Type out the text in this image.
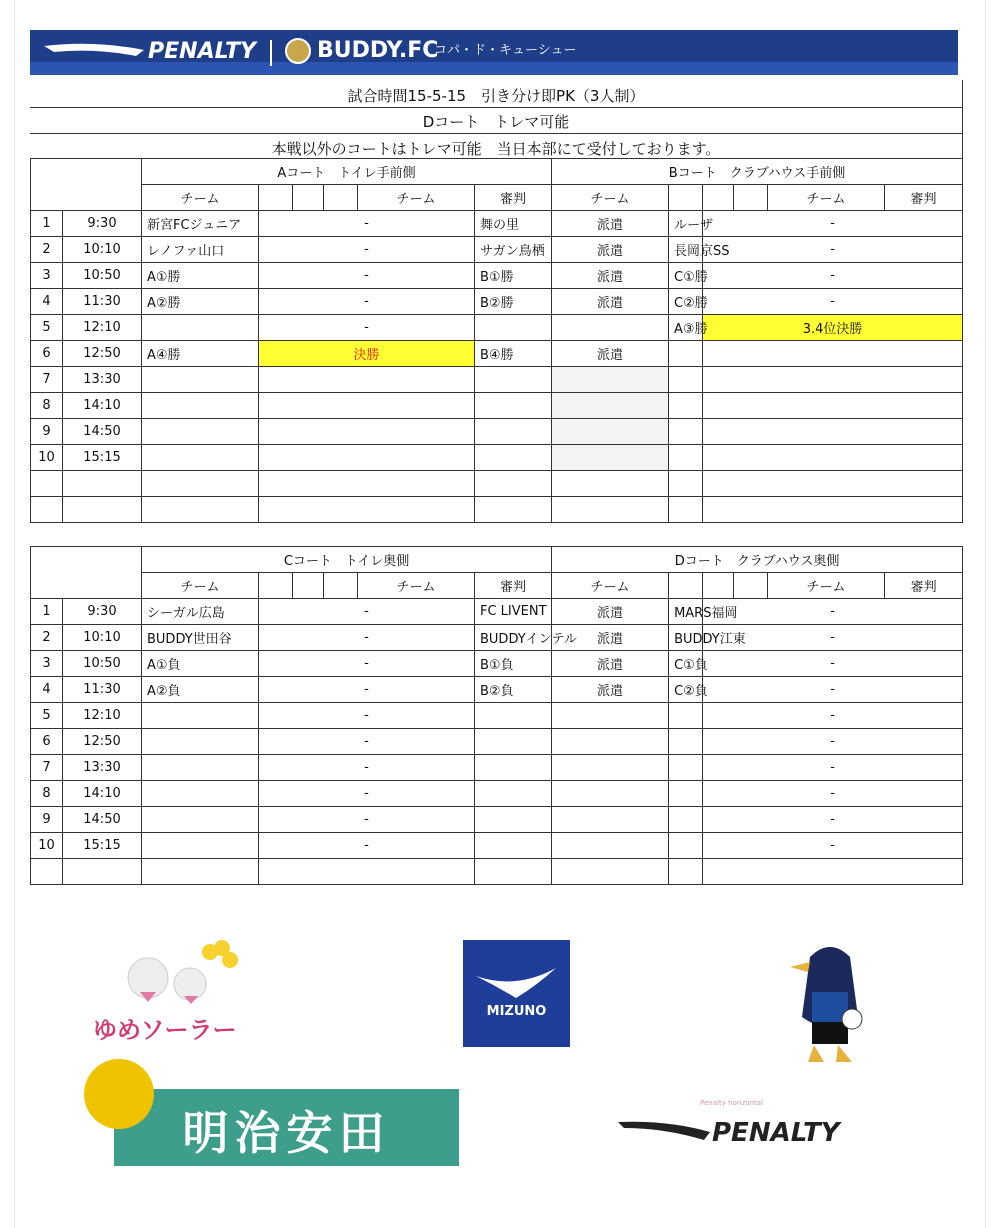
PENALTY	BUDDY.FC
コパ・ド・キューシュー
試合時間15-5-15　引き分け即PK（3人制）
Dコート　トレマ可能
本戦以外のコートはトレマ可能　当日本部にて受付しております。
		Aコート　トイレ手前側						Bコート　クラブハウス手前側						
		チーム				チーム	審判	チーム				チーム	審判	
1	9:30	新宮FCジュニア	-				舞の里	派遣	ルーザ	-		
2	10:10	レノファ山口	-				サガン鳥栖	派遣	長岡京SS	-		
3	10:50	A①勝	-				B①勝	派遣	C①勝	-		
4	11:30	A②勝	-				B②勝	派遣	C②勝	-		
5	12:10		-						A③勝	3.4位決勝		
6	12:50	A④勝	決勝				B④勝	派遣						
7	13:30													
8	14:10													
9	14:50													
10	15:15													

		Cコート　トイレ奥側						Dコート　クラブハウス奥側						
		チーム				チーム	審判	チーム				チーム	審判	
1	9:30	シーガル広島	-				FC LIVENT	派遣	MARS福岡	-		
2	10:10	BUDDY世田谷	-				BUDDYインテル	派遣	BUDDY江東	-		
3	10:50	A①負	-				B①負	派遣	C①負	-		
4	11:30	A②負	-				B②負	派遣	C②負	-		
5	12:10		-							-				
6	12:50		-							-				
7	13:30		-							-				
8	14:10		-							-				
9	14:50		-							-				
10	15:15		-							-				

ゆめソーラー
MIZUNO
明治安田
Penalty horizontal
PENALTY
